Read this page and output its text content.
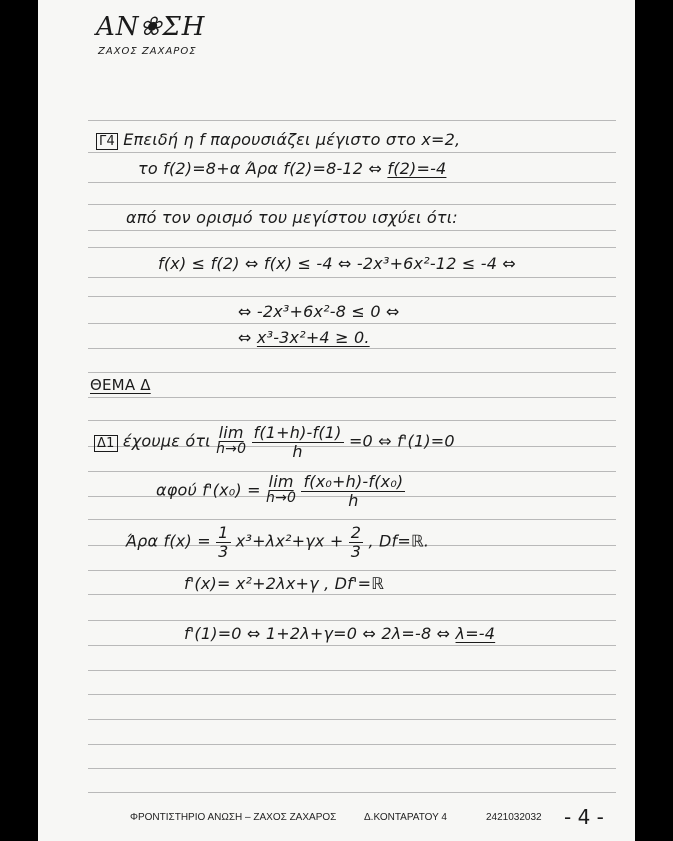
ΑΝ❀ΣΗ
ΖΑΧΟΣ ΖΑΧΑΡΟΣ
Γ4 Επειδή η f παρουσιάζει μέγιστο στο x=2,
το f(2)=8+α Άρα f(2)=8-12 ⇔ f(2)=-4
από τον ορισμό του μεγίστου ισχύει ότι:
f(x) ≤ f(2) ⇔ f(x) ≤ -4 ⇔ -2x³+6x²-12 ≤ -4 ⇔
⇔ -2x³+6x²-8 ≤ 0 ⇔
⇔ x³-3x²+4 ≥ 0.
ΘΕΜΑ Δ
Δ1 έχουμε ότι $\frac{\lim}{h\to 0}$
$\frac{f(1+h)-f(1)}{h} =0$ ⇔ f'(1)=0
αφού $f'(x_0) = \frac{\lim}{h\to 0}$
$\frac{\text{f(x₀+h)-f(x₀)}}{h}$
Άρα $f(x) = \frac{1}{3} x^3+\lambda x^2+\gamma x + \frac{2}{3}$ , Df=ℝ.
f'(x)= x²+2λx+γ , Df'=ℝ
f'(1)=0 ⇔ 1+2λ+γ=0 ⇔ 2λ=-8 ⇔ λ=-4
ΦΡΟΝΤΙΣΤΗΡΙΟ ΑΝΩΣΗ – ΖΑΧΟΣ ΖΑΧΑΡΟΣ	Δ.ΚΟΝΤΑΡΑΤΟΥ 4	2421032032 - 4 -
